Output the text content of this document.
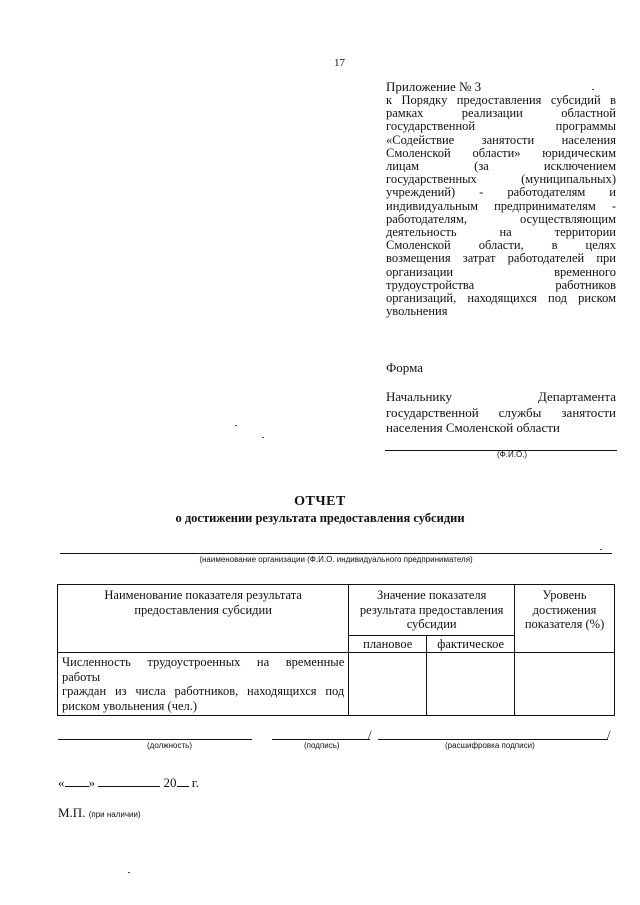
17
Приложение № 3
к Порядку предоставления субсидий в
рамках реализации областной
государственной программы
«Содействие занятости населения
Смоленской области» юридическим
лицам (за исключением
государственных (муниципальных)
учреждений) - работодателям и
индивидуальным предпринимателям -
работодателям, осуществляющим
деятельность на территории
Смоленской области, в целях
возмещения затрат работодателей при
организации временного
трудоустройства работников
организаций, находящихся под риском
увольнения
Форма
Начальнику Департамента
государственной службы занятости
населения Смоленской области
(Ф.И.О.)
ОТЧЕТ
о достижении результата предоставления субсидии
(наименование организации (Ф.И.О. индивидуального предпринимателя)
Наименование показателя результата предоставления субсидии	Значение показателя результата предоставления субсидии		Уровень достижения показателя (%)
	плановое	фактическое	

Численность трудоустроенных на временные работы
граждан из числа работников, находящихся под
риском увольнения (чел.)			

/	/
(должность)	(подпись)	(расшифровка подписи)
« »	20 г.
М.П. (при наличии)
